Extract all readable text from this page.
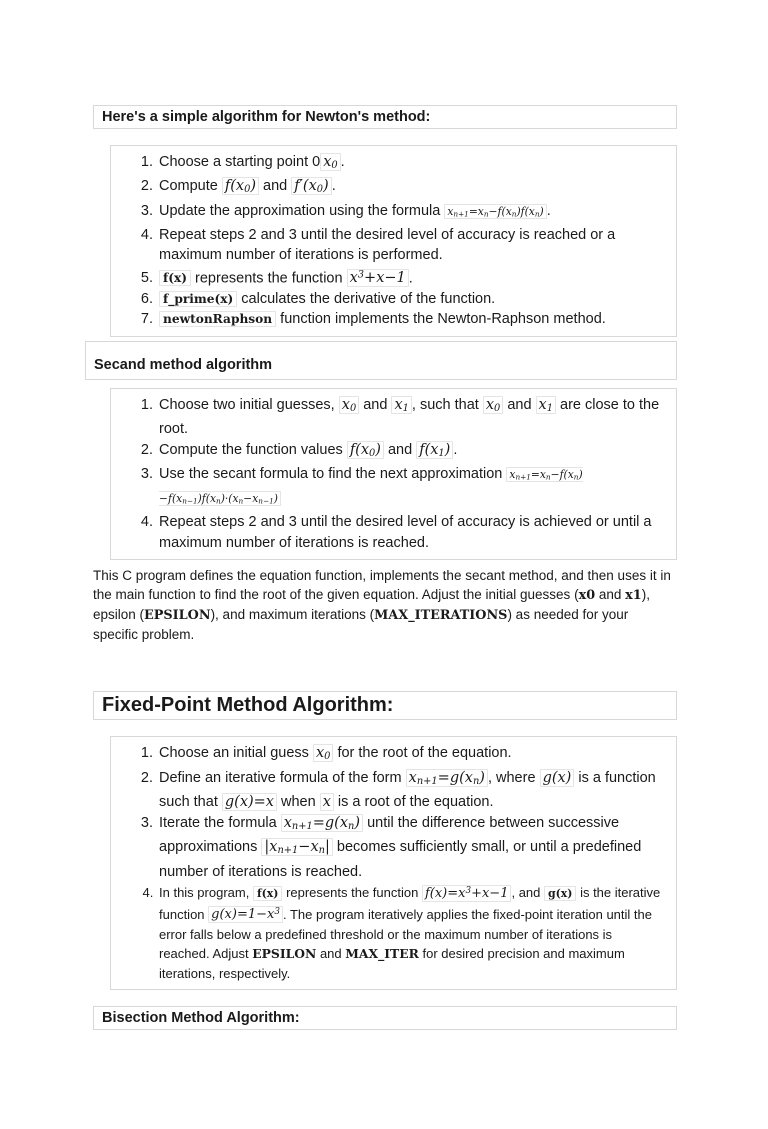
Here's a simple algorithm for Newton's method:
1. Choose a starting point 0 $x_0$ .
2. Compute $f(x_0)$ and $f'(x_0)$ .
3. Update the approximation using the formula $x_{n+1}=x_n-f(x_n)f(x_n)$ .
4. Repeat steps 2 and 3 until the desired level of accuracy is reached or a maximum number of iterations is performed.
5. f(x) represents the function $x^3+x-1$ .
6. f_prime(x) calculates the derivative of the function.
7. newtonRaphson function implements the Newton-Raphson method.
Secand method algorithm
1. Choose two initial guesses, $x_0$ and $x_1$ , such that $x_0$ and $x_1$ are close to the root.
2. Compute the function values $f(x_0)$ and $f(x_1)$ .
3. Use the secant formula to find the next approximation $x_{n+1}=x_n-f(x_n)-f(x_{n-1})f(x_n)\cdot(x_n-x_{n-1})$
4. Repeat steps 2 and 3 until the desired level of accuracy is achieved or until a maximum number of iterations is reached.

This C program defines the equation function, implements the secant method, and then uses it in the main function to find the root of the given equation. Adjust the initial guesses (x0 and x1), epsilon (EPSILON), and maximum iterations (MAX_ITERATIONS) as needed for your specific problem.

Fixed-Point Method Algorithm:
1. Choose an initial guess $x_0$ for the root of the equation.
2. Define an iterative formula of the form $x_{n+1}=g(x_n)$ , where g(x) is a function such that g(x)=x when x is a root of the equation.
3. Iterate the formula $x_{n+1}=g(x_n)$ until the difference between successive approximations $|x_{n+1}-x_n|$ becomes sufficiently small, or until a predefined number of iterations is reached.
4. In this program, f(x) represents the function $f(x)=x^3+x-1$ , and g(x) is the iterative function $g(x)=1-x^3$ . The program iteratively applies the fixed-point iteration until the error falls below a predefined threshold or the maximum number of iterations is reached. Adjust EPSILON and MAX_ITER for desired precision and maximum iterations, respectively.
Bisection Method Algorithm:
